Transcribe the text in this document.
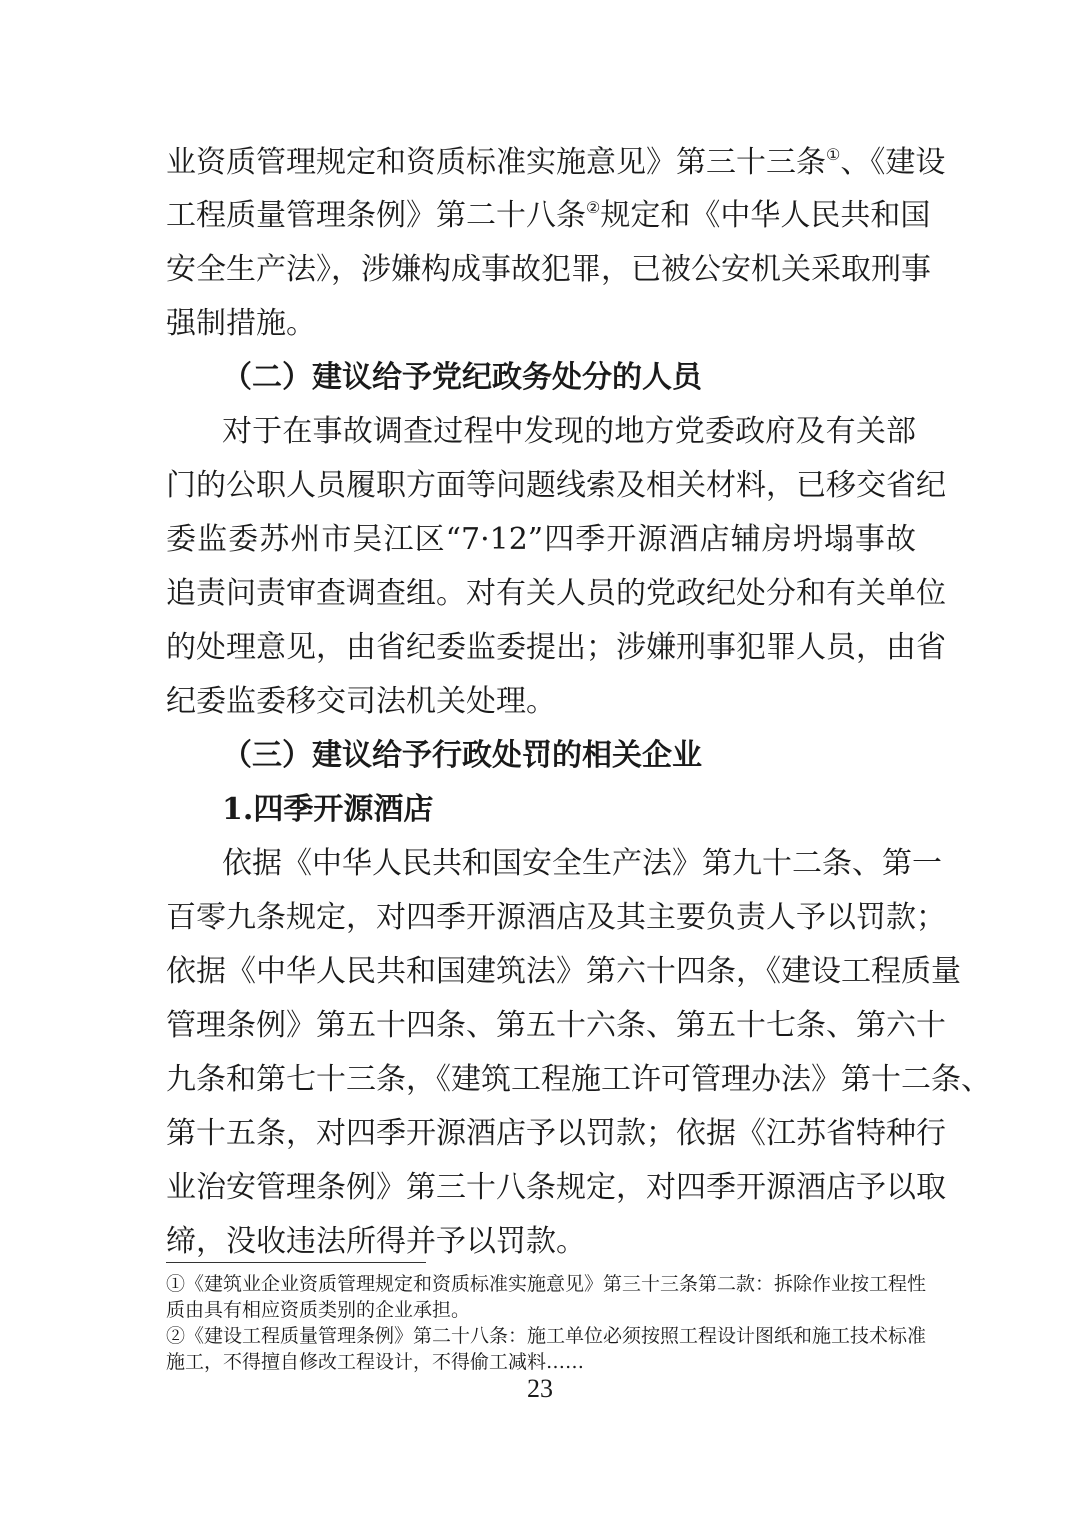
业资质管理规定和资质标准实施意见》第三十三条①、《建设
工程质量管理条例》第二十八条②规定和《中华人民共和国
安全生产法》，涉嫌构成事故犯罪，已被公安机关采取刑事
强制措施。
（二）建议给予党纪政务处分的人员
对于在事故调查过程中发现的地方党委政府及有关部
门的公职人员履职方面等问题线索及相关材料，已移交省纪
委监委苏州市吴江区“7·12”四季开源酒店辅房坍塌事故
追责问责审查调查组。对有关人员的党政纪处分和有关单位
的处理意见，由省纪委监委提出；涉嫌刑事犯罪人员，由省
纪委监委移交司法机关处理。
（三）建议给予行政处罚的相关企业
1.四季开源酒店
依据《中华人民共和国安全生产法》第九十二条、第一
百零九条规定，对四季开源酒店及其主要负责人予以罚款；
依据《中华人民共和国建筑法》第六十四条，《建设工程质量
管理条例》第五十四条、第五十六条、第五十七条、第六十
九条和第七十三条，《建筑工程施工许可管理办法》第十二条、
第十五条，对四季开源酒店予以罚款；依据《江苏省特种行
业治安管理条例》第三十八条规定，对四季开源酒店予以取
缔，没收违法所得并予以罚款。
①《建筑业企业资质管理规定和资质标准实施意见》第三十三条第二款：拆除作业按工程性
质由具有相应资质类别的企业承担。
②《建设工程质量管理条例》第二十八条：施工单位必须按照工程设计图纸和施工技术标准
施工，不得擅自修改工程设计，不得偷工减料……
23
